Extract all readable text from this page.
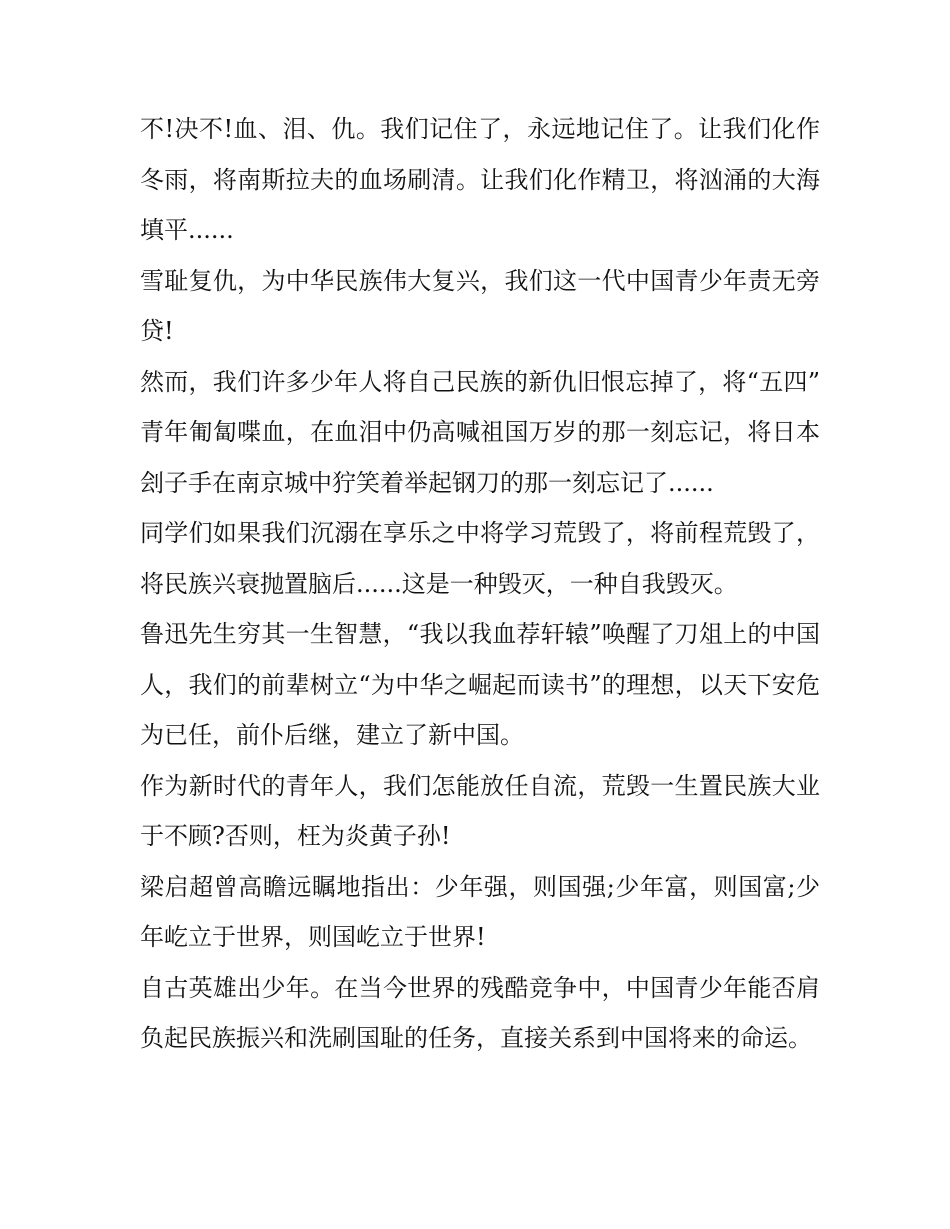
不!决不!血、泪、仇。我们记住了，永远地记住了。让我们化作冬雨，将南斯拉夫的血场刷清。让我们化作精卫，将汹涌的大海填平......

雪耻复仇，为中华民族伟大复兴，我们这一代中国青少年责无旁贷!

然而，我们许多少年人将自己民族的新仇旧恨忘掉了，将“五四”青年匍匐喋血，在血泪中仍高喊祖国万岁的那一刻忘记，将日本刽子手在南京城中狞笑着举起钢刀的那一刻忘记了......

同学们如果我们沉溺在享乐之中将学习荒毁了，将前程荒毁了，将民族兴衰抛置脑后......这是一种毁灭，一种自我毁灭。

鲁迅先生穷其一生智慧，“我以我血荐轩辕”唤醒了刀俎上的中国人，我们的前辈树立“为中华之崛起而读书”的理想，以天下安危为已任，前仆后继，建立了新中国。

作为新时代的青年人，我们怎能放任自流，荒毁一生置民族大业于不顾?否则，枉为炎黄子孙!

梁启超曾高瞻远瞩地指出：少年强，则国强;少年富，则国富;少年屹立于世界，则国屹立于世界!

自古英雄出少年。在当今世界的残酷竞争中，中国青少年能否肩负起民族振兴和洗刷国耻的任务，直接关系到中国将来的命运。
